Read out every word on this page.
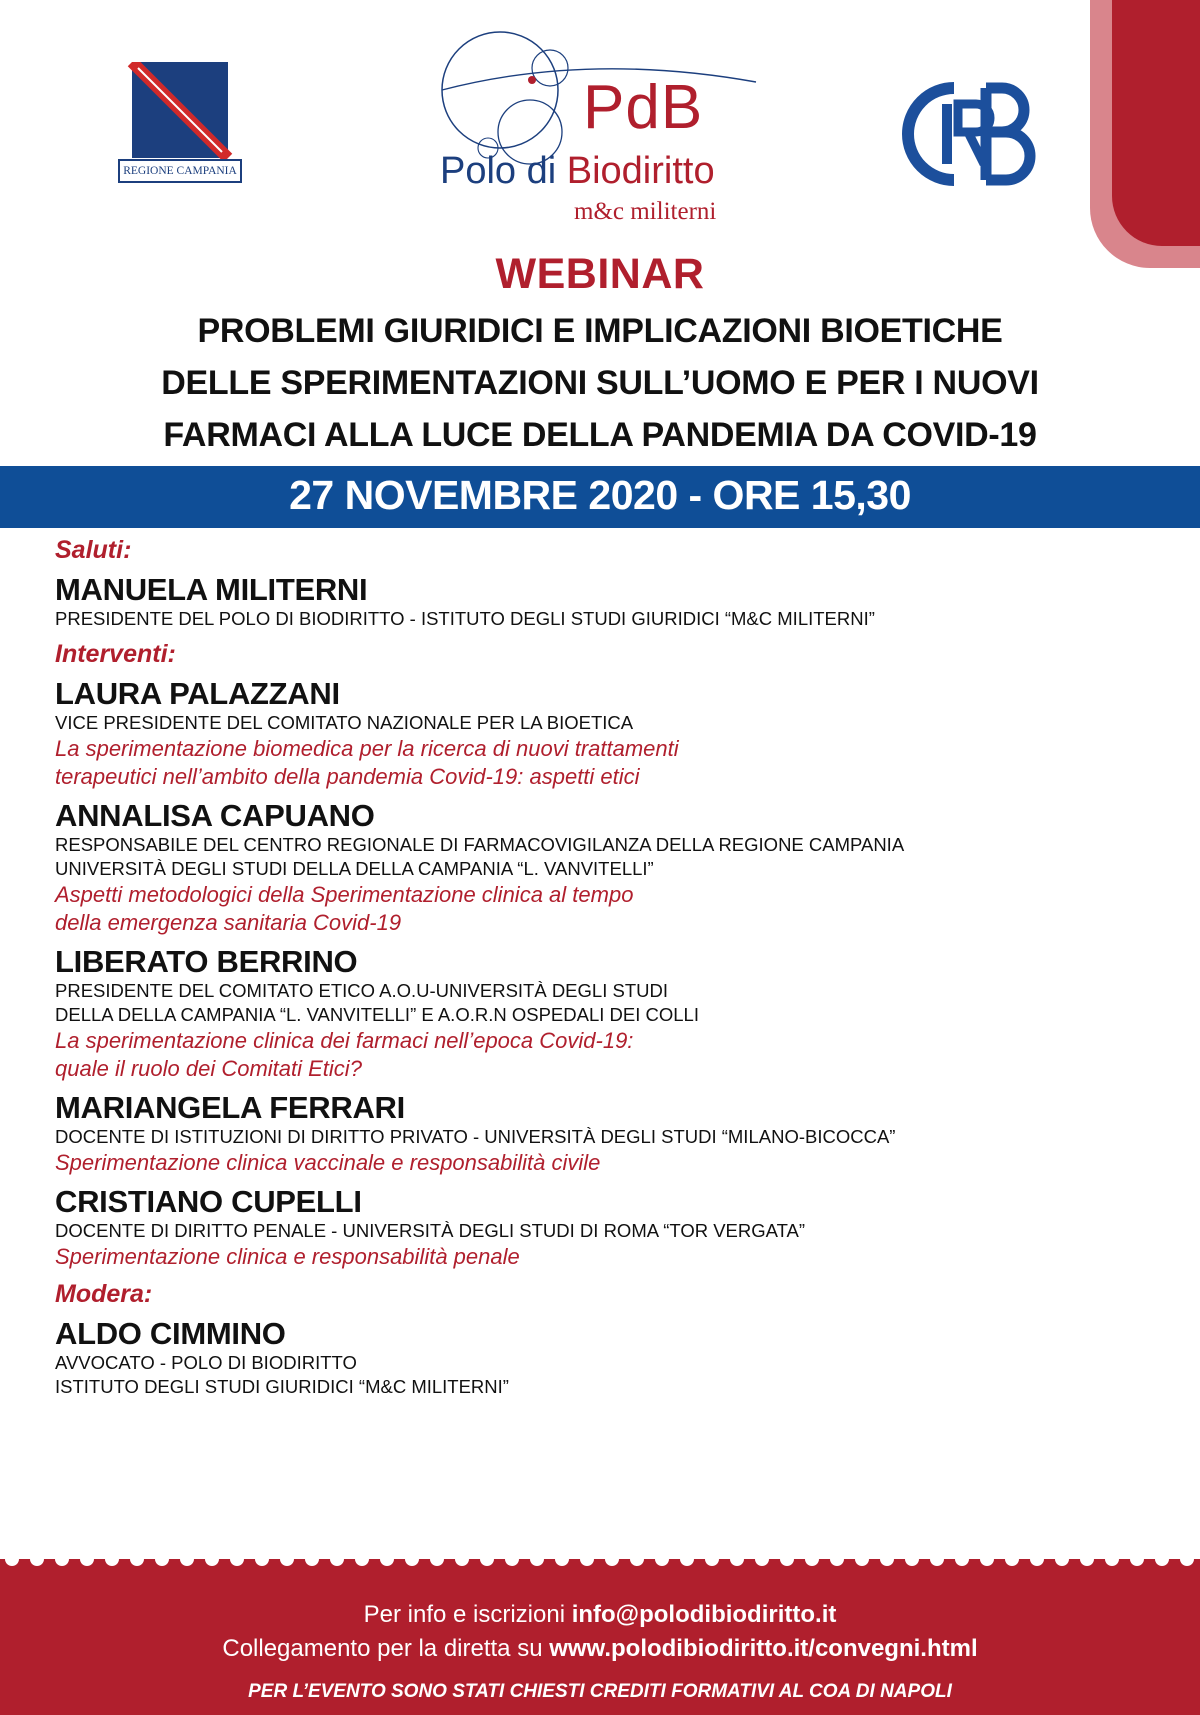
REGIONE CAMPANIA
PdB
Polo di Biodiritto
m&c militerni
WEBINAR
PROBLEMI GIURIDICI E IMPLICAZIONI BIOETICHE
DELLE SPERIMENTAZIONI SULL’UOMO E PER I NUOVI
FARMACI ALLA LUCE DELLA PANDEMIA DA COVID-19
27 NOVEMBRE 2020 - ORE 15,30
Saluti:
MANUELA MILITERNI
PRESIDENTE DEL POLO DI BIODIRITTO - ISTITUTO DEGLI STUDI GIURIDICI “M&C MILITERNI”
Interventi:
LAURA PALAZZANI
VICE PRESIDENTE DEL COMITATO NAZIONALE PER LA BIOETICA
La sperimentazione biomedica per la ricerca di nuovi trattamenti
terapeutici nell’ambito della pandemia Covid-19: aspetti etici
ANNALISA CAPUANO
RESPONSABILE DEL CENTRO REGIONALE DI FARMACOVIGILANZA DELLA REGIONE CAMPANIA
UNIVERSITÀ DEGLI STUDI DELLA DELLA CAMPANIA “L. VANVITELLI”
Aspetti metodologici della Sperimentazione clinica al tempo
della emergenza sanitaria Covid-19
LIBERATO BERRINO
PRESIDENTE DEL COMITATO ETICO A.O.U-UNIVERSITÀ DEGLI STUDI
DELLA DELLA CAMPANIA “L. VANVITELLI” E A.O.R.N OSPEDALI DEI COLLI
La sperimentazione clinica dei farmaci nell’epoca Covid-19:
quale il ruolo dei Comitati Etici?
MARIANGELA FERRARI
DOCENTE DI ISTITUZIONI DI DIRITTO PRIVATO - UNIVERSITÀ DEGLI STUDI “MILANO-BICOCCA”
Sperimentazione clinica vaccinale e responsabilità civile
CRISTIANO CUPELLI
DOCENTE DI DIRITTO PENALE - UNIVERSITÀ DEGLI STUDI DI ROMA “TOR VERGATA”
Sperimentazione clinica e responsabilità penale
Modera:
ALDO CIMMINO
AVVOCATO - POLO DI BIODIRITTO
ISTITUTO DEGLI STUDI GIURIDICI “M&C MILITERNI”
Per info e iscrizioni info@polodibiodiritto.it
Collegamento per la diretta su www.polodibiodiritto.it/convegni.html
PER L’EVENTO SONO STATI CHIESTI CREDITI FORMATIVI AL COA DI NAPOLI
